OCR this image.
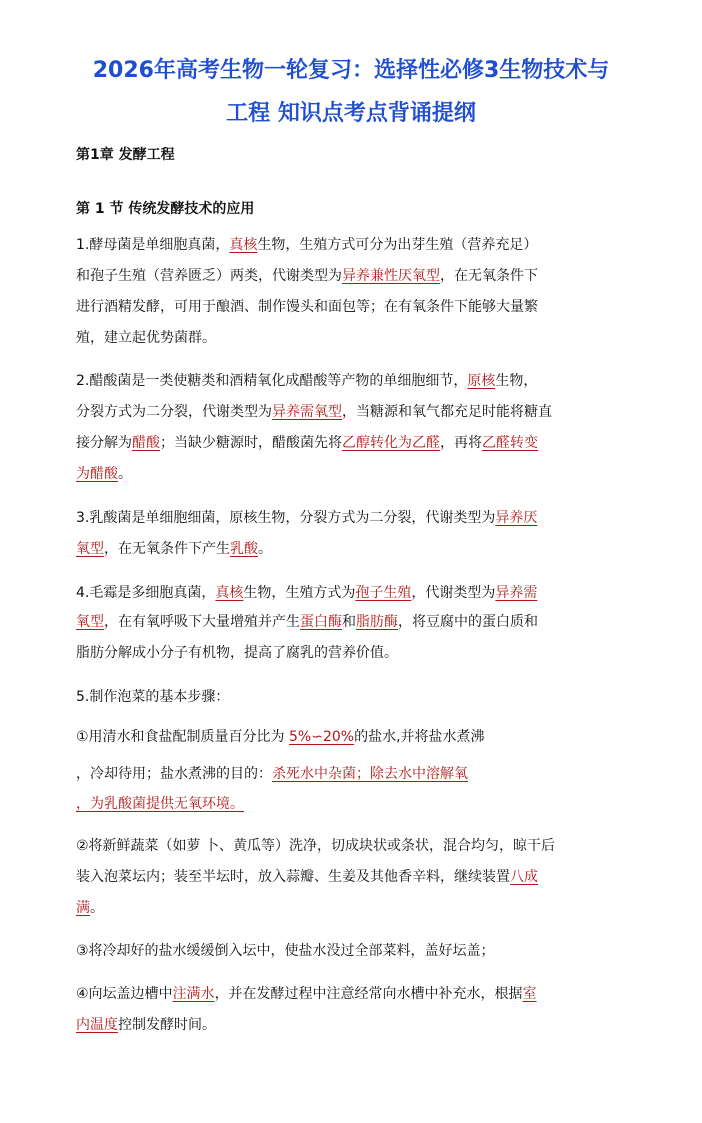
2026年高考生物一轮复习：选择性必修3生物技术与
工程 知识点考点背诵提纲
第1章 发酵工程
第 1 节 传统发酵技术的应用
1.酵母菌是单细胞真菌，真核生物，生殖方式可分为出芽生殖（营养充足）
和孢子生殖（营养匮乏）两类，代谢类型为异养兼性厌氧型，在无氧条件下
进行酒精发酵，可用于酿酒、制作馒头和面包等；在有氧条件下能够大量繁
殖，建立起优势菌群。
2.醋酸菌是一类使糖类和酒精氧化成醋酸等产物的单细胞细节，原核生物，
分裂方式为二分裂，代谢类型为异养需氧型，当糖源和氧气都充足时能将糖直
接分解为醋酸；当缺少糖源时，醋酸菌先将乙醇转化为乙醛，再将乙醛转变
为醋酸。
3.乳酸菌是单细胞细菌，原核生物，分裂方式为二分裂，代谢类型为异养厌
氧型，在无氧条件下产生乳酸。
4.毛霉是多细胞真菌，真核生物，生殖方式为孢子生殖，代谢类型为异养需
氧型，在有氧呼吸下大量增殖并产生蛋白酶和脂肪酶，将豆腐中的蛋白质和
脂肪分解成小分子有机物，提高了腐乳的营养价值。
5.制作泡菜的基本步骤：
①用清水和食盐配制质量百分比为 5%∽20%的盐水,并将盐水煮沸
，冷却待用；盐水煮沸的目的：杀死水中杂菌；除去水中溶解氧
，为乳酸菌提供无氧环境。
②将新鲜蔬菜（如萝 卜、黄瓜等）洗净，切成块状或条状，混合均匀，晾干后
装入泡菜坛内；装至半坛时，放入蒜瓣、生姜及其他香辛料，继续装置八成
满。
③将冷却好的盐水缓缓倒入坛中，使盐水没过全部菜料，盖好坛盖；
④向坛盖边槽中注满水，并在发酵过程中注意经常向水槽中补充水，根据室
内温度控制发酵时间。
